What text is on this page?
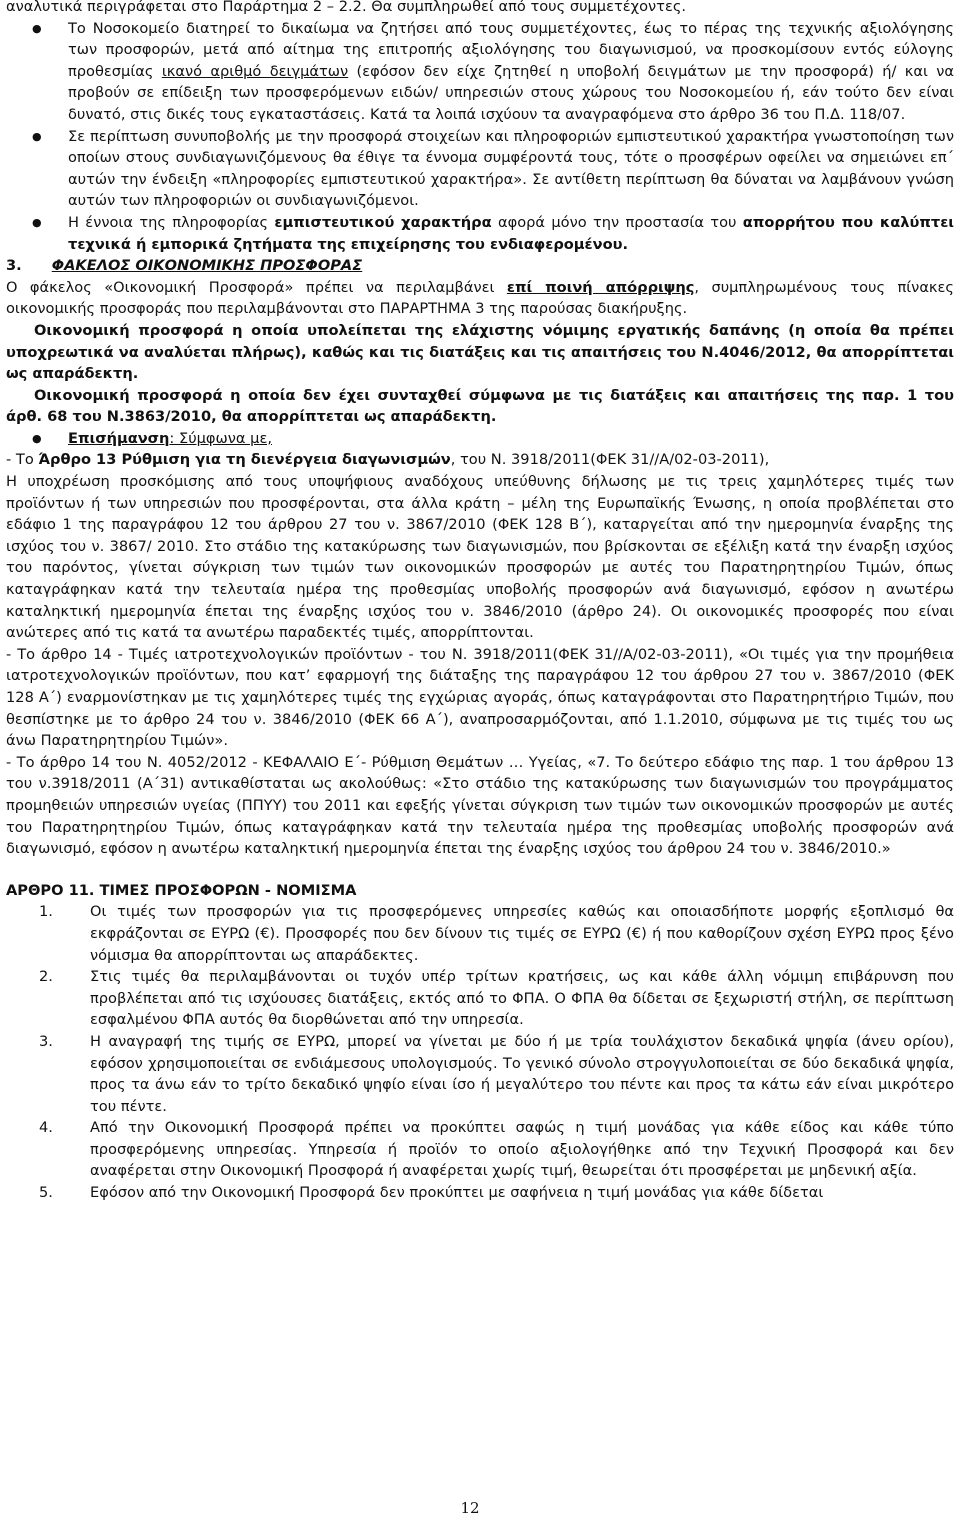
αναλυτικά περιγράφεται στο Παράρτημα 2 – 2.2. Θα συμπληρωθεί από τους συμμετέχοντες.

● Το Νοσοκομείο διατηρεί το δικαίωμα να ζητήσει από τους συμμετέχοντες, έως το πέρας της τεχνικής αξιολόγησης των προσφορών, μετά από αίτημα της επιτροπής αξιολόγησης του διαγωνισμού, να προσκομίσουν εντός εύλογης προθεσμίας ικανό αριθμό δειγμάτων (εφόσον δεν είχε ζητηθεί η υποβολή δειγμάτων με την προσφορά) ή/ και να προβούν σε επίδειξη των προσφερόμενων ειδών/ υπηρεσιών στους χώρους του Νοσοκομείου ή, εάν τούτο δεν είναι δυνατό, στις δικές τους εγκαταστάσεις. Κατά τα λοιπά ισχύουν τα αναγραφόμενα στο άρθρο 36 του Π.Δ. 118/07.

● Σε περίπτωση συνυποβολής με την προσφορά στοιχείων και πληροφοριών εμπιστευτικού χαρακτήρα γνωστοποίηση των οποίων στους συνδιαγωνιζόμενους θα έθιγε τα έννομα συμφέροντά τους, τότε ο προσφέρων οφείλει να σημειώνει επ΄ αυτών την ένδειξη «πληροφορίες εμπιστευτικού χαρακτήρα». Σε αντίθετη περίπτωση θα δύναται να λαμβάνουν γνώση αυτών των πληροφοριών οι συνδιαγωνιζόμενοι.

● Η έννοια της πληροφορίας εμπιστευτικού χαρακτήρα αφορά μόνο την προστασία του απορρήτου που καλύπτει τεχνικά ή εμπορικά ζητήματα της επιχείρησης του ενδιαφερομένου.

3. ΦΑΚΕΛΟΣ ΟΙΚΟΝΟΜΙΚΗΣ ΠΡΟΣΦΟΡΑΣ

Ο φάκελος «Οικονομική Προσφορά» πρέπει να περιλαμβάνει επί ποινή απόρριψης, συμπληρωμένους τους πίνακες οικονομικής προσφοράς που περιλαμβάνονται στο ΠΑΡΑΡΤΗΜΑ 3 της παρούσας διακήρυξης.

Οικονομική προσφορά η οποία υπολείπεται της ελάχιστης νόμιμης εργατικής δαπάνης (η οποία θα πρέπει υποχρεωτικά να αναλύεται πλήρως), καθώς και τις διατάξεις και τις απαιτήσεις του Ν.4046/2012, θα απορρίπτεται ως απαράδεκτη.

Οικονομική προσφορά η οποία δεν έχει συνταχθεί σύμφωνα με τις διατάξεις και απαιτήσεις της παρ. 1 του άρθ. 68 του Ν.3863/2010, θα απορρίπτεται ως απαράδεκτη.

● Επισήμανση: Σύμφωνα με,

- Το Άρθρο 13 Ρύθμιση για τη διενέργεια διαγωνισμών, του Ν. 3918/2011(ΦΕΚ 31//Α/02-03-2011),

Η υποχρέωση προσκόμισης από τους υποψήφιους αναδόχους υπεύθυνης δήλωσης με τις τρεις χαμηλότερες τιμές των προϊόντων ή των υπηρεσιών που προσφέρονται, στα άλλα κράτη – μέλη της Ευρωπαϊκής Ένωσης, η οποία προβλέπεται στο εδάφιο 1 της παραγράφου 12 του άρθρου 27 του ν. 3867/2010 (ΦΕΚ 128 Β΄), καταργείται από την ημερομηνία έναρξης της ισχύος του ν. 3867/ 2010. Στο στάδιο της κατακύρωσης των διαγωνισμών, που βρίσκονται σε εξέλιξη κατά την έναρξη ισχύος του παρόντος, γίνεται σύγκριση των τιμών των οικονομικών προσφορών με αυτές του Παρατηρητηρίου Τιμών, όπως καταγράφηκαν κατά την τελευταία ημέρα της προθεσμίας υποβολής προσφορών ανά διαγωνισμό, εφόσον η ανωτέρω καταληκτική ημερομηνία έπεται της έναρξης ισχύος του ν. 3846/2010 (άρθρο 24). Οι οικονομικές προσφορές που είναι ανώτερες από τις κατά τα ανωτέρω παραδεκτές τιμές, απορρίπτονται.

- Το άρθρο 14 - Τιμές ιατροτεχνολογικών προϊόντων - του Ν. 3918/2011(ΦΕΚ 31//Α/02-03-2011), «Οι τιμές για την προμήθεια ιατροτεχνολογικών προϊόντων, που κατ’ εφαρμογή της διάταξης της παραγράφου 12 του άρθρου 27 του ν. 3867/2010 (ΦΕΚ 128 Α΄) εναρμονίστηκαν με τις χαμηλότερες τιμές της εγχώριας αγοράς, όπως καταγράφονται στο Παρατηρητήριο Τιμών, που θεσπίστηκε με το άρθρο 24 του ν. 3846/2010 (ΦΕΚ 66 Α΄), αναπροσαρμόζονται, από 1.1.2010, σύμφωνα με τις τιμές του ως άνω Παρατηρητηρίου Τιμών».

- Το άρθρο 14 του Ν. 4052/2012 - ΚΕΦΑΛΑΙΟ Ε΄- Ρύθμιση Θεμάτων … Υγείας, «7. Το δεύτερο εδάφιο της παρ. 1 του άρθρου 13 του ν.3918/2011 (Α΄31) αντικαθίσταται ως ακολούθως: «Στο στάδιο της κατακύρωσης των διαγωνισμών του προγράμματος προμηθειών υπηρεσιών υγείας (ΠΠΥΥ) του 2011 και εφεξής γίνεται σύγκριση των τιμών των οικονομικών προσφορών με αυτές του Παρατηρητηρίου Τιμών, όπως καταγράφηκαν κατά την τελευταία ημέρα της προθεσμίας υποβολής προσφορών ανά διαγωνισμό, εφόσον η ανωτέρω καταληκτική ημερομηνία έπεται της έναρξης ισχύος του άρθρου 24 του ν. 3846/2010.»

ΑΡΘΡΟ 11. ΤΙΜΕΣ ΠΡΟΣΦΟΡΩΝ - ΝΟΜΙΣΜΑ

1.	Οι τιμές των προσφορών για τις προσφερόμενες υπηρεσίες καθώς και οποιασδήποτε μορφής εξοπλισμό θα εκφράζονται σε ΕΥΡΩ (€). Προσφορές που δεν δίνουν τις τιμές σε ΕΥΡΩ (€) ή που καθορίζουν σχέση ΕΥΡΩ προς ξένο νόμισμα θα απορρίπτονται ως απαράδεκτες.

2.	Στις τιμές θα περιλαμβάνονται οι τυχόν υπέρ τρίτων κρατήσεις, ως και κάθε άλλη νόμιμη επιβάρυνση που προβλέπεται από τις ισχύουσες διατάξεις, εκτός από το ΦΠΑ. Ο ΦΠΑ θα δίδεται σε ξεχωριστή στήλη, σε περίπτωση εσφαλμένου ΦΠΑ αυτός θα διορθώνεται από την υπηρεσία.

3.	Η αναγραφή της τιμής σε ΕΥΡΩ, μπορεί να γίνεται με δύο ή με τρία τουλάχιστον δεκαδικά ψηφία (άνευ ορίου), εφόσον χρησιμοποιείται σε ενδιάμεσους υπολογισμούς. Το γενικό σύνολο στρογγυλοποιείται σε δύο δεκαδικά ψηφία, προς τα άνω εάν το τρίτο δεκαδικό ψηφίο είναι ίσο ή μεγαλύτερο του πέντε και προς τα κάτω εάν είναι μικρότερο του πέντε.

4.	Από την Οικονομική Προσφορά πρέπει να προκύπτει σαφώς η τιμή μονάδας για κάθε είδος και κάθε τύπο προσφερόμενης υπηρεσίας. Υπηρεσία ή προϊόν το οποίο αξιολογήθηκε από την Τεχνική Προσφορά και δεν αναφέρεται στην Οικονομική Προσφορά ή αναφέρεται χωρίς τιμή, θεωρείται ότι προσφέρεται με μηδενική αξία.

5.	Εφόσον από την Οικονομική Προσφορά δεν προκύπτει με σαφήνεια η τιμή μονάδας για κάθε δίδεται

12
